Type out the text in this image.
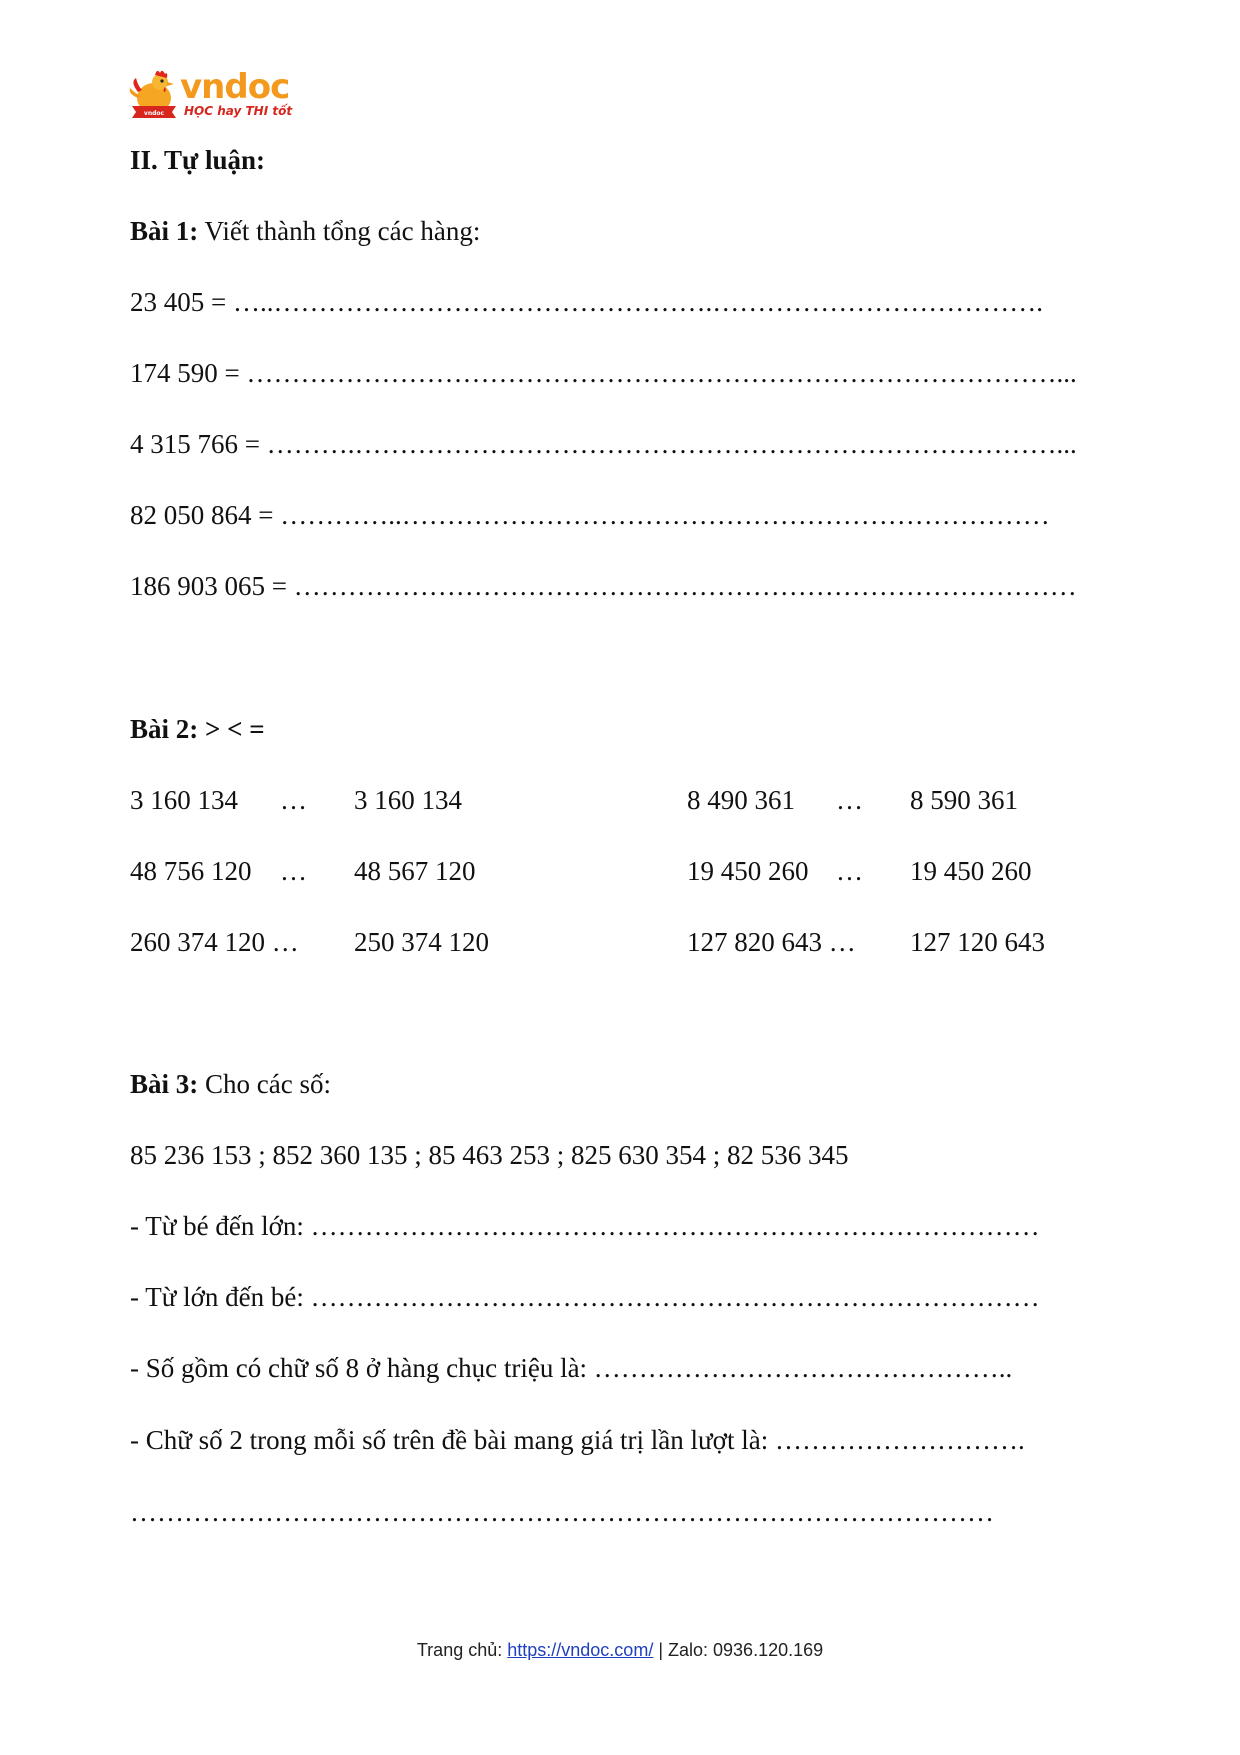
vndoc
vndoc
HỌC hay THI tốt
II. Tự luận:
Bài 1: Viết thành tổng các hàng:
23 405 = …..………………………………………….……………………………….
174 590 = ………………………………………………………………………………...
4 315 766 = ……….……………………………………………………………………...
82 050 864 = …………..………………………………………………………………
186 903 065 = ……………………………………………………………………………
Bài 2: > < =
3 160 134 … 3 160 134	8 490 361 … 8 590 361
48 756 120 … 48 567 120	19 450 260 … 19 450 260
260 374 120 … 250 374 120	127 820 643 … 127 120 643
Bài 3: Cho các số:
85 236 153 ; 852 360 135 ; 85 463 253 ; 825 630 354 ; 82 536 345
- Từ bé đến lớn: ………………………………………………………………………
- Từ lớn đến bé: ………………………………………………………………………
- Số gồm có chữ số 8 ở hàng chục triệu là: ………………………………………..
- Chữ số 2 trong mỗi số trên đề bài mang giá trị lần lượt là: ……………………….
……………………………………………………………………………………
Trang chủ: https://vndoc.com/ | Zalo: 0936.120.169
